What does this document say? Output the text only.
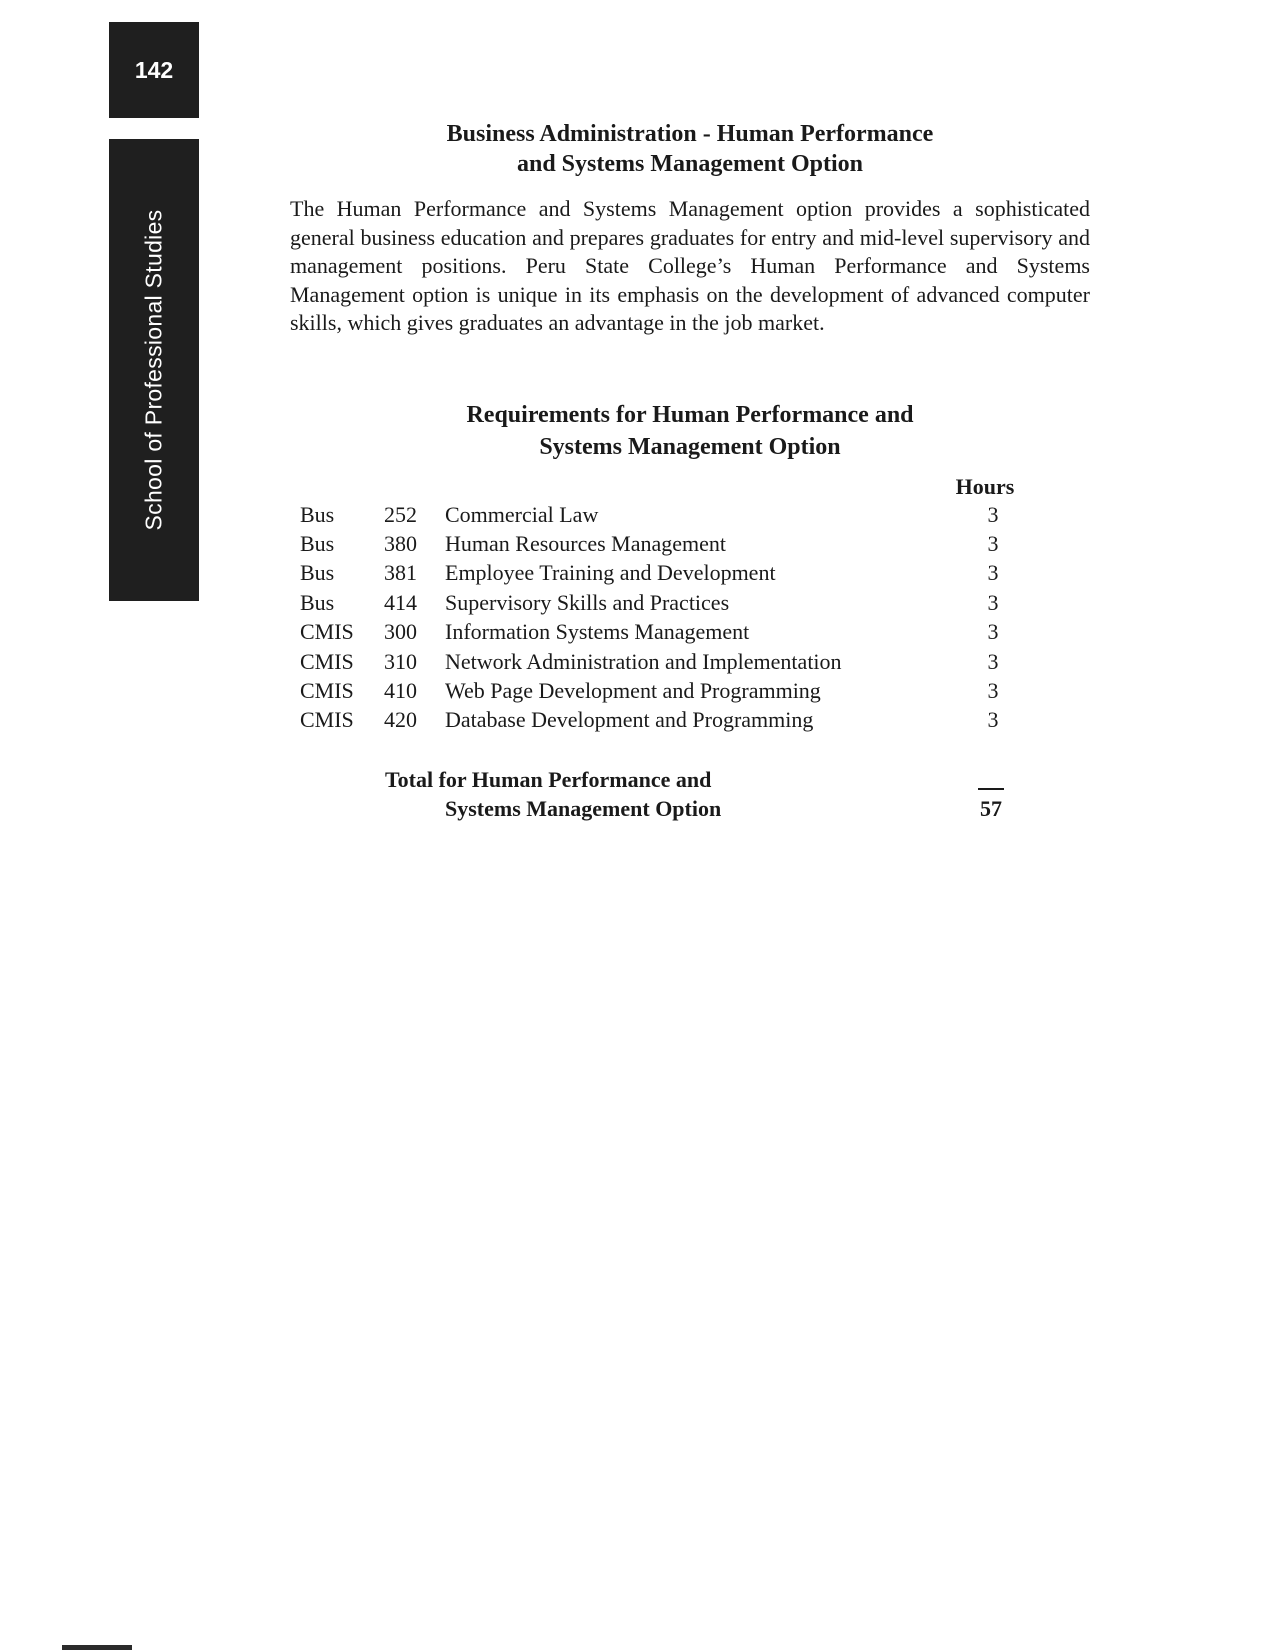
142
School of Professional Studies
Business Administration - Human Performance
and Systems Management Option

The Human Performance and Systems Management option provides a sophisticated general business education and prepares graduates for entry and mid-level supervisory and management positions. Peru State College’s Human Performance and Systems Management option is unique in its emphasis on the development of advanced computer skills, which gives graduates an advantage in the job market.

Requirements for Human Performance and
Systems Management Option
Hours
Bus	252	Commercial Law	3
Bus	380	Human Resources Management	3
Bus	381	Employee Training and Development	3
Bus	414	Supervisory Skills and Practices	3
CMIS	300	Information Systems Management	3
CMIS	310	Network Administration and Implementation	3
CMIS	410	Web Page Development and Programming	3
CMIS	420	Database Development and Programming	3
Total for Human Performance and
Systems Management Option	57
